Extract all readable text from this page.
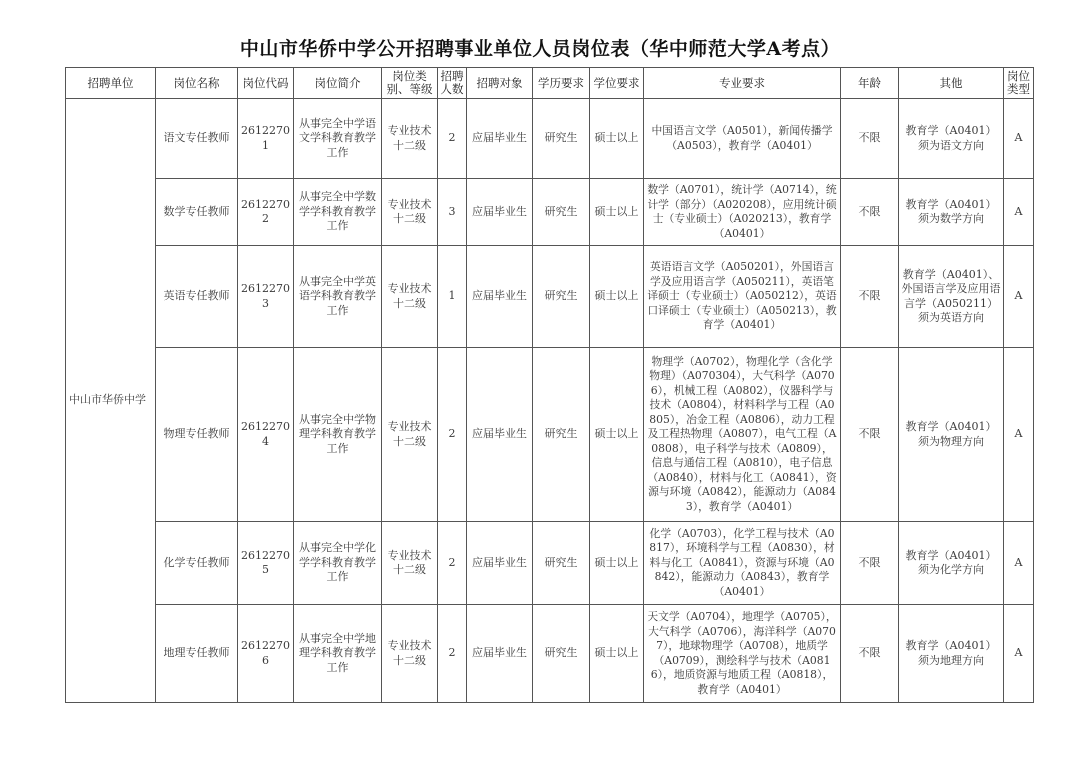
中山市华侨中学公开招聘事业单位人员岗位表（华中师范大学A考点）
招聘单位	岗位名称	岗位代码	岗位简介	岗位类别、等级	招聘人数	招聘对象	学历要求	学位要求	专业要求	年龄	其他	岗位类型
中山市华侨中学	语文专任教师	26122701	从事完全中学语文学科教育教学工作	专业技术十二级	2	应届毕业生	研究生	硕士以上	中国语言文学（A0501），新闻传播学（A0503），教育学（A0401）	不限	教育学（A0401）须为语文方向	A
	数学专任教师	26122702	从事完全中学数学学科教育教学工作	专业技术十二级	3	应届毕业生	研究生	硕士以上	数学（A0701），统计学（A0714），统计学（部分）（A020208），应用统计硕士（专业硕士）（A020213），教育学（A0401）	不限	教育学（A0401）须为数学方向	A
	英语专任教师	26122703	从事完全中学英语学科教育教学工作	专业技术十二级	1	应届毕业生	研究生	硕士以上	英语语言文学（A050201），外国语言学及应用语言学（A050211），英语笔译硕士（专业硕士）（A050212），英语口译硕士（专业硕士）（A050213），教育学（A0401）	不限	教育学（A0401）、外国语言学及应用语言学（A050211）须为英语方向	A
	物理专任教师	26122704	从事完全中学物理学科教育教学工作	专业技术十二级	2	应届毕业生	研究生	硕士以上	物理学（A0702），物理化学（含化学物理）（A070304），大气科学（A0706），机械工程（A0802），仪器科学与技术（A0804），材料科学与工程（A0805），冶金工程（A0806），动力工程及工程热物理（A0807），电气工程（A0808），电子科学与技术（A0809），信息与通信工程（A0810），电子信息（A0840），材料与化工（A0841），资源与环境（A0842），能源动力（A0843），教育学（A0401）	不限	教育学（A0401）须为物理方向	A
	化学专任教师	26122705	从事完全中学化学学科教育教学工作	专业技术十二级	2	应届毕业生	研究生	硕士以上	化学（A0703），化学工程与技术（A0817），环境科学与工程（A0830），材料与化工（A0841），资源与环境（A0842），能源动力（A0843），教育学（A0401）	不限	教育学（A0401）须为化学方向	A
	地理专任教师	26122706	从事完全中学地理学科教育教学工作	专业技术十二级	2	应届毕业生	研究生	硕士以上	天文学（A0704），地理学（A0705），大气科学（A0706），海洋科学（A0707），地球物理学（A0708），地质学（A0709），测绘科学与技术（A0816），地质资源与地质工程（A0818），教育学（A0401）	不限	教育学（A0401）须为地理方向	A
